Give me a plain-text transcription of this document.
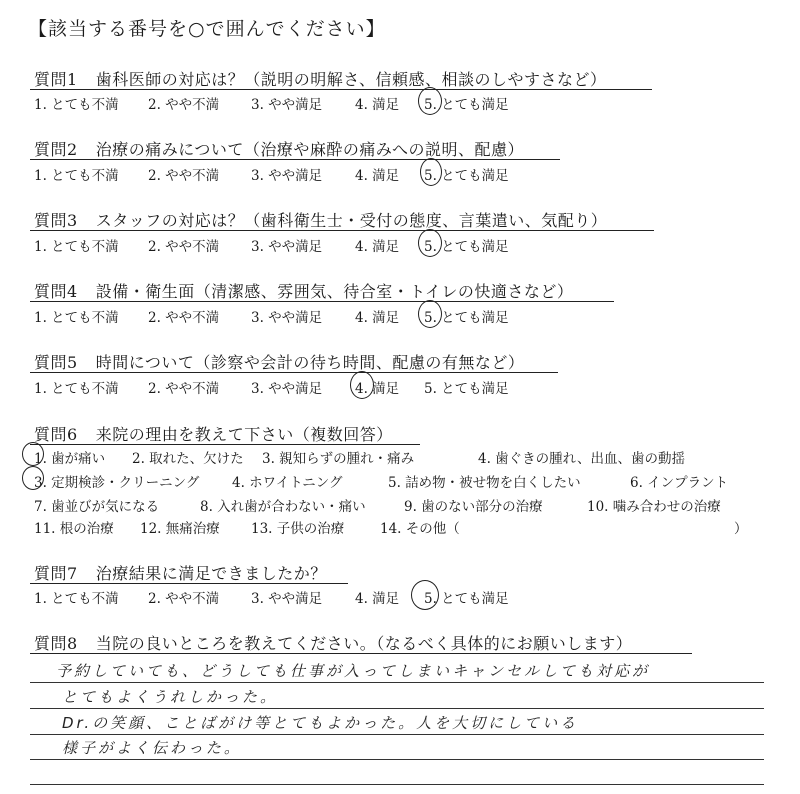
【該当する番号を○で囲んでください】
質問1 歯科医師の対応は？（説明の明解さ、信頼感、相談のしやすさなど）
1. とても不満 2. やや不満 3. やや満足 4. 満足 5. とても満足
質問2 治療の痛みについて（治療や麻酔の痛みへの説明、配慮）
1. とても不満 2. やや不満 3. やや満足 4. 満足 5. とても満足
質問3 スタッフの対応は？（歯科衛生士・受付の態度、言葉遣い、気配り）
1. とても不満 2. やや不満 3. やや満足 4. 満足 5. とても満足
質問4 設備・衛生面（清潔感、雰囲気、待合室・トイレの快適さなど）
1. とても不満 2. やや不満 3. やや満足 4. 満足 5. とても満足
質問5 時間について（診察や会計の待ち時間、配慮の有無など）
1. とても不満 2. やや不満 3. やや満足 4. 満足 5. とても満足
質問6 来院の理由を教えて下さい（複数回答）
1. 歯が痛い 2. 取れた、欠けた 3. 親知らずの腫れ・痛み	4. 歯ぐきの腫れ、出血、歯の動揺
3. 定期検診・クリーニング 4. ホワイトニング	5. 詰め物・被せ物を白くしたい	6. インプラント
7. 歯並びが気になる	8. 入れ歯が合わない・痛い	9. 歯のない部分の治療	10. 噛み合わせの治療
11. 根の治療 12. 無痛治療 13. 子供の治療	14. その他（	）
質問7 治療結果に満足できましたか？
1. とても不満 2. やや不満 3. やや満足 4. 満足 5. とても満足
質問8 当院の良いところを教えてください。（なるべく具体的にお願いします）
予約していても、どうしても仕事が入ってしまいキャンセルしても対応が
とてもよくうれしかった。
Dr.の笑顔、ことばがけ等とてもよかった。人を大切にしている
様子がよく伝わった。
